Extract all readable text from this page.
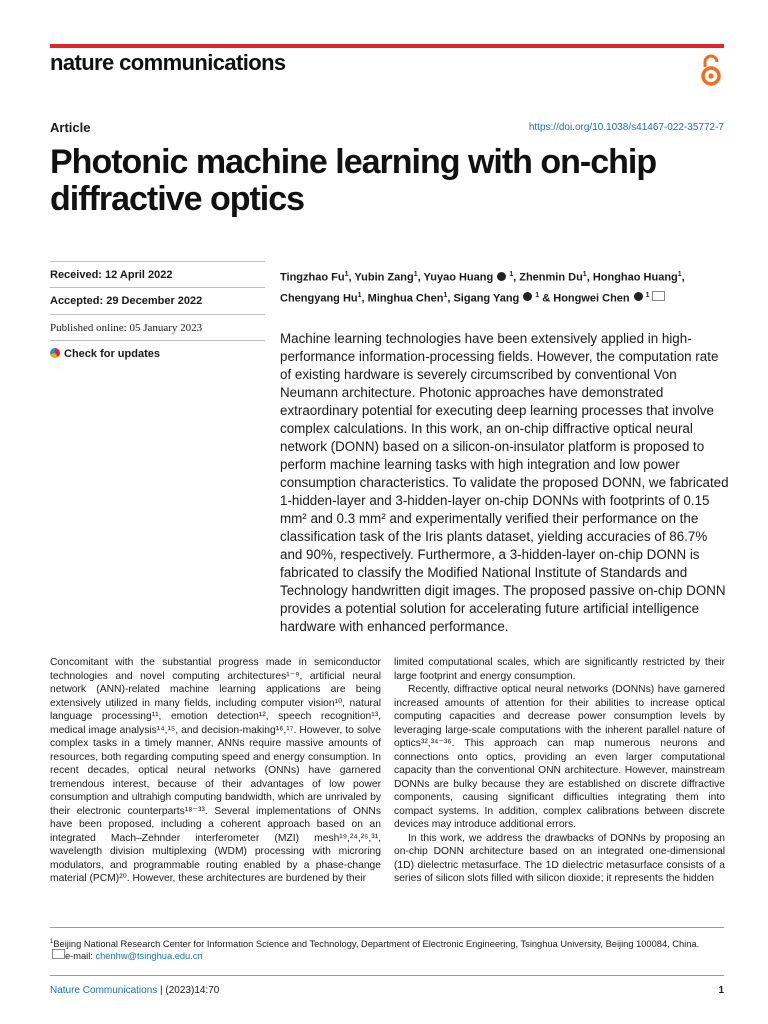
nature communications
Article	https://doi.org/10.1038/s41467-022-35772-7
Photonic machine learning with on-chip diffractive optics
Received: 12 April 2022
Accepted: 29 December 2022
Published online: 05 January 2023
Check for updates
Tingzhao Fu$^1$, Yubin Zang$^1$, Yuyao Huang  $^1$, Zhenmin Du$^1$, Honghao Huang$^1$, Chengyang Hu$^1$, Minghua Chen$^1$, Sigang Yang  $^1$ & Hongwei Chen  $^1$

Machine learning technologies have been extensively applied in high-performance information-processing fields. However, the computation rate of existing hardware is severely circumscribed by conventional Von Neumann architecture. Photonic approaches have demonstrated extraordinary potential for executing deep learning processes that involve complex calculations. In this work, an on-chip diffractive optical neural network (DONN) based on a silicon-on-insulator platform is proposed to perform machine learning tasks with high integration and low power consumption characteristics. To validate the proposed DONN, we fabricated 1-hidden-layer and 3-hidden-layer on-chip DONNs with footprints of 0.15 mm² and 0.3 mm² and experimentally verified their performance on the classification task of the Iris plants dataset, yielding accuracies of 86.7% and 90%, respectively. Furthermore, a 3-hidden-layer on-chip DONN is fabricated to classify the Modified National Institute of Standards and Technology handwritten digit images. The proposed passive on-chip DONN provides a potential solution for accelerating future artificial intelligence hardware with enhanced performance.

Concomitant with the substantial progress made in semiconductor technologies and novel computing architectures¹⁻⁹, artificial neural network (ANN)-related machine learning applications are being extensively utilized in many fields, including computer vision¹⁰, natural language processing¹¹, emotion detection¹², speech recognition¹³, medical image analysis¹⁴,¹⁵, and decision-making¹⁶,¹⁷. However, to solve complex tasks in a timely manner, ANNs require massive amounts of resources, both regarding computing speed and energy consumption. In recent decades, optical neural networks (ONNs) have garnered tremendous interest, because of their advantages of low power consumption and ultrahigh computing bandwidth, which are unrivaled by their electronic counterparts¹⁸⁻³³. Several implementations of ONNs have been proposed, including a coherent approach based on an integrated Mach–Zehnder interferometer (MZI) mesh¹⁹,²⁴,²⁵,³¹, wavelength division multiplexing (WDM) processing with microring modulators, and programmable routing enabled by a phase-change material (PCM)²⁰. However, these architectures are burdened by their

limited computational scales, which are significantly restricted by their large footprint and energy consumption.

Recently, diffractive optical neural networks (DONNs) have garnered increased amounts of attention for their abilities to increase optical computing capacities and decrease power consumption levels by leveraging large-scale computations with the inherent parallel nature of optics³²,³⁴⁻³⁶. This approach can map numerous neurons and connections onto optics, providing an even larger computational capacity than the conventional ONN architecture. However, mainstream DONNs are bulky because they are established on discrete diffractive components, causing significant difficulties integrating them into compact systems. In addition, complex calibrations between discrete devices may introduce additional errors.

In this work, we address the drawbacks of DONNs by proposing an on-chip DONN architecture based on an integrated one-dimensional (1D) dielectric metasurface. The 1D dielectric metasurface consists of a series of silicon slots filled with silicon dioxide; it represents the hidden

$^1$Beijing National Research Center for Information Science and Technology, Department of Electronic Engineering, Tsinghua University, Beijing 100084, China.
e-mail: chenhw@tsinghua.edu.cn
Nature Communications | (2023)14:70	1
